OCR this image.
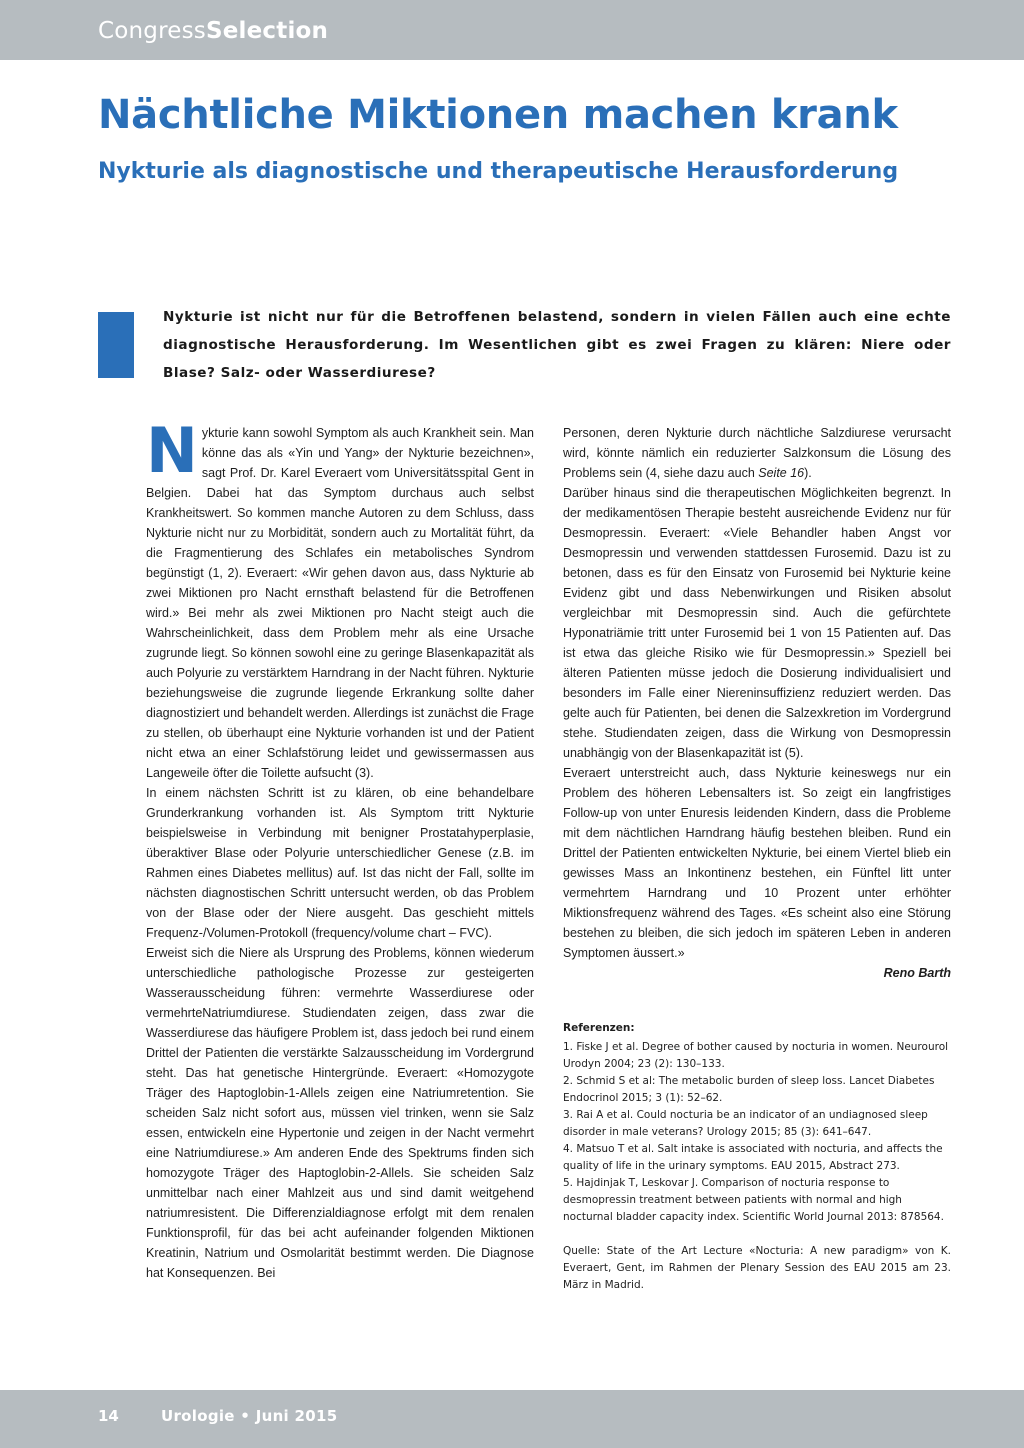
CongressSelection
Nächtliche Miktionen machen krank
Nykturie als diagnostische und therapeutische Herausforderung

Nykturie ist nicht nur für die Betroffenen belastend, sondern in vielen Fällen auch eine echte diagnostische Herausforderung. Im Wesentlichen gibt es zwei Fragen zu klären: Niere oder Blase? Salz- oder Wasserdiurese?

Nykturie kann sowohl Symptom als auch Krankheit sein. Man könne das als «Yin und Yang» der Nykturie bezeichnen», sagt Prof. Dr. Karel Everaert vom Universitätsspital Gent in Belgien. Dabei hat das Symptom durchaus auch selbst Krankheitswert. So kommen manche Autoren zu dem Schluss, dass Nykturie nicht nur zu Morbidität, sondern auch zu Mortalität führt, da die Fragmentierung des Schlafes ein metabolisches Syndrom begünstigt (1, 2). Everaert: «Wir gehen davon aus, dass Nykturie ab zwei Miktionen pro Nacht ernsthaft belastend für die Betroffenen wird.» Bei mehr als zwei Miktionen pro Nacht steigt auch die Wahrscheinlichkeit, dass dem Problem mehr als eine Ursache zugrunde liegt. So können sowohl eine zu geringe Blasenkapazität als auch Polyurie zu verstärktem Harndrang in der Nacht führen. Nykturie beziehungsweise die zugrunde liegende Erkrankung sollte daher diagnostiziert und behandelt werden. Allerdings ist zunächst die Frage zu stellen, ob überhaupt eine Nykturie vorhanden ist und der Patient nicht etwa an einer Schlafstörung leidet und gewissermassen aus Langeweile öfter die Toilette aufsucht (3).

In einem nächsten Schritt ist zu klären, ob eine behandelbare Grunderkrankung vorhanden ist. Als Symptom tritt Nykturie beispielsweise in Verbindung mit benigner Prostatahyperplasie, überaktiver Blase oder Polyurie unterschiedlicher Genese (z.B. im Rahmen eines Diabetes mellitus) auf. Ist das nicht der Fall, sollte im nächsten diagnostischen Schritt untersucht werden, ob das Problem von der Blase oder der Niere ausgeht. Das geschieht mittels Frequenz-/Volumen-Protokoll (frequency/volume chart – FVC).

Erweist sich die Niere als Ursprung des Problems, können wiederum unterschiedliche pathologische Prozesse zur gesteigerten Wasserausscheidung führen: vermehrte Wasserdiurese oder vermehrteNatriumdiurese. Studiendaten zeigen, dass zwar die Wasserdiurese das häufigere Problem ist, dass jedoch bei rund einem Drittel der Patienten die verstärkte Salzausscheidung im Vordergrund steht. Das hat genetische Hintergründe. Everaert: «Homozygote Träger des Haptoglobin-1-Allels zeigen eine Natriumretention. Sie scheiden Salz nicht sofort aus, müssen viel trinken, wenn sie Salz essen, entwickeln eine Hypertonie und zeigen in der Nacht vermehrt eine Natriumdiurese.» Am anderen Ende des Spektrums finden sich homozygote Träger des Haptoglobin-2-Allels. Sie scheiden Salz unmittelbar nach einer Mahlzeit aus und sind damit weitgehend natriumresistent. Die Differenzialdiagnose erfolgt mit dem renalen Funktionsprofil, für das bei acht aufeinander folgenden Miktionen Kreatinin, Natrium und Osmolarität bestimmt werden. Die Diagnose hat Konsequenzen. Bei

Personen, deren Nykturie durch nächtliche Salzdiurese verursacht wird, könnte nämlich ein reduzierter Salzkonsum die Lösung des Problems sein (4, siehe dazu auch Seite 16).

Darüber hinaus sind die therapeutischen Möglichkeiten begrenzt. In der medikamentösen Therapie besteht ausreichende Evidenz nur für Desmopressin. Everaert: «Viele Behandler haben Angst vor Desmopressin und verwenden stattdessen Furosemid. Dazu ist zu betonen, dass es für den Einsatz von Furosemid bei Nykturie keine Evidenz gibt und dass Nebenwirkungen und Risiken absolut vergleichbar mit Desmopressin sind. Auch die gefürchtete Hyponatriämie tritt unter Furosemid bei 1 von 15 Patienten auf. Das ist etwa das gleiche Risiko wie für Desmopressin.» Speziell bei älteren Patienten müsse jedoch die Dosierung individualisiert und besonders im Falle einer Niereninsuffizienz reduziert werden. Das gelte auch für Patienten, bei denen die Salzexkretion im Vordergrund stehe. Studiendaten zeigen, dass die Wirkung von Desmopressin unabhängig von der Blasenkapazität ist (5).

Everaert unterstreicht auch, dass Nykturie keineswegs nur ein Problem des höheren Lebensalters ist. So zeigt ein langfristiges Follow-up von unter Enuresis leidenden Kindern, dass die Probleme mit dem nächtlichen Harndrang häufig bestehen bleiben. Rund ein Drittel der Patienten entwickelten Nykturie, bei einem Viertel blieb ein gewisses Mass an Inkontinenz bestehen, ein Fünftel litt unter vermehrtem Harndrang und 10 Prozent unter erhöhter Miktionsfrequenz während des Tages. «Es scheint also eine Störung bestehen zu bleiben, die sich jedoch im späteren Leben in anderen Symptomen äussert.»

Reno Barth

Referenzen:

1. Fiske J et al. Degree of bother caused by nocturia in women. Neurourol Urodyn 2004; 23 (2): 130–133.

2. Schmid S et al: The metabolic burden of sleep loss. Lancet Diabetes Endocrinol 2015; 3 (1): 52–62.

3. Rai A et al. Could nocturia be an indicator of an undiagnosed sleep disorder in male veterans? Urology 2015; 85 (3): 641–647.

4. Matsuo T et al. Salt intake is associated with nocturia, and affects the quality of life in the urinary symptoms. EAU 2015, Abstract 273.

5. Hajdinjak T, Leskovar J. Comparison of nocturia response to desmopressin treatment between patients with normal and high nocturnal bladder capacity index. Scientific World Journal 2013: 878564.

Quelle: State of the Art Lecture «Nocturia: A new paradigm» von K. Everaert, Gent, im Rahmen der Plenary Session des EAU 2015 am 23. März in Madrid.

14	Urologie • Juni 2015
